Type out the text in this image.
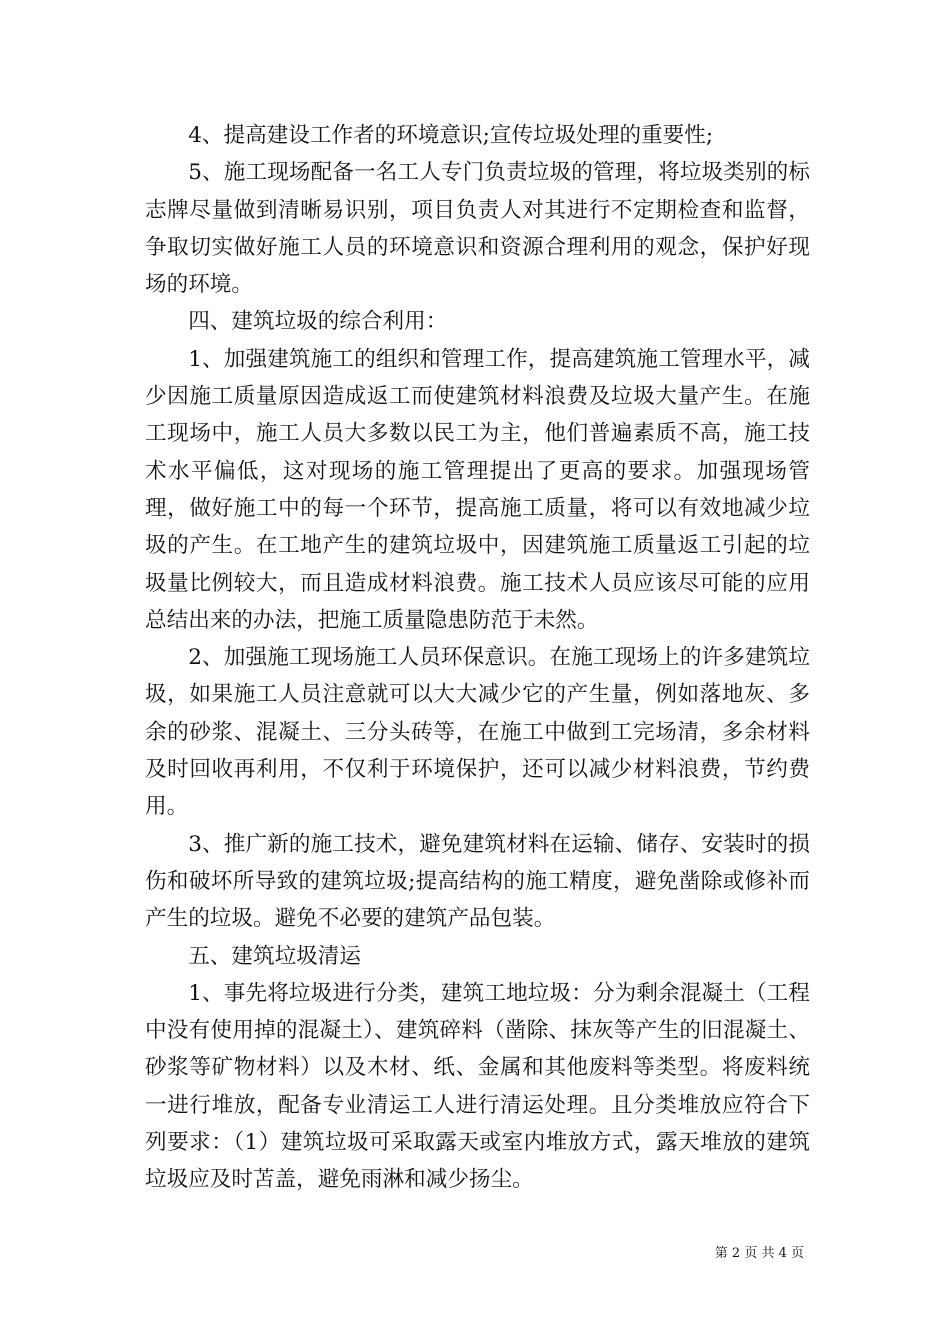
4、提高建设工作者的环境意识;宣传垃圾处理的重要性;

5、施工现场配备一名工人专门负责垃圾的管理，将垃圾类别的标志牌尽量做到清晰易识别，项目负责人对其进行不定期检查和监督，争取切实做好施工人员的环境意识和资源合理利用的观念，保护好现场的环境。

四、建筑垃圾的综合利用：

1、加强建筑施工的组织和管理工作，提高建筑施工管理水平，减少因施工质量原因造成返工而使建筑材料浪费及垃圾大量产生。在施工现场中，施工人员大多数以民工为主，他们普遍素质不高，施工技术水平偏低，这对现场的施工管理提出了更高的要求。加强现场管理，做好施工中的每一个环节，提高施工质量，将可以有效地减少垃圾的产生。在工地产生的建筑垃圾中，因建筑施工质量返工引起的垃圾量比例较大，而且造成材料浪费。施工技术人员应该尽可能的应用总结出来的办法，把施工质量隐患防范于未然。

2、加强施工现场施工人员环保意识。在施工现场上的许多建筑垃圾，如果施工人员注意就可以大大减少它的产生量，例如落地灰、多余的砂浆、混凝土、三分头砖等，在施工中做到工完场清，多余材料及时回收再利用，不仅利于环境保护，还可以减少材料浪费，节约费用。

3、推广新的施工技术，避免建筑材料在运输、储存、安装时的损伤和破坏所导致的建筑垃圾;提高结构的施工精度，避免凿除或修补而产生的垃圾。避免不必要的建筑产品包装。

五、建筑垃圾清运

1、事先将垃圾进行分类，建筑工地垃圾：分为剩余混凝土（工程中没有使用掉的混凝土）、建筑碎料（凿除、抹灰等产生的旧混凝土、砂浆等矿物材料）以及木材、纸、金属和其他废料等类型。将废料统一进行堆放，配备专业清运工人进行清运处理。且分类堆放应符合下列要求：（1）建筑垃圾可采取露天或室内堆放方式，露天堆放的建筑垃圾应及时苫盖，避免雨淋和减少扬尘。

第 2 页 共 4 页
